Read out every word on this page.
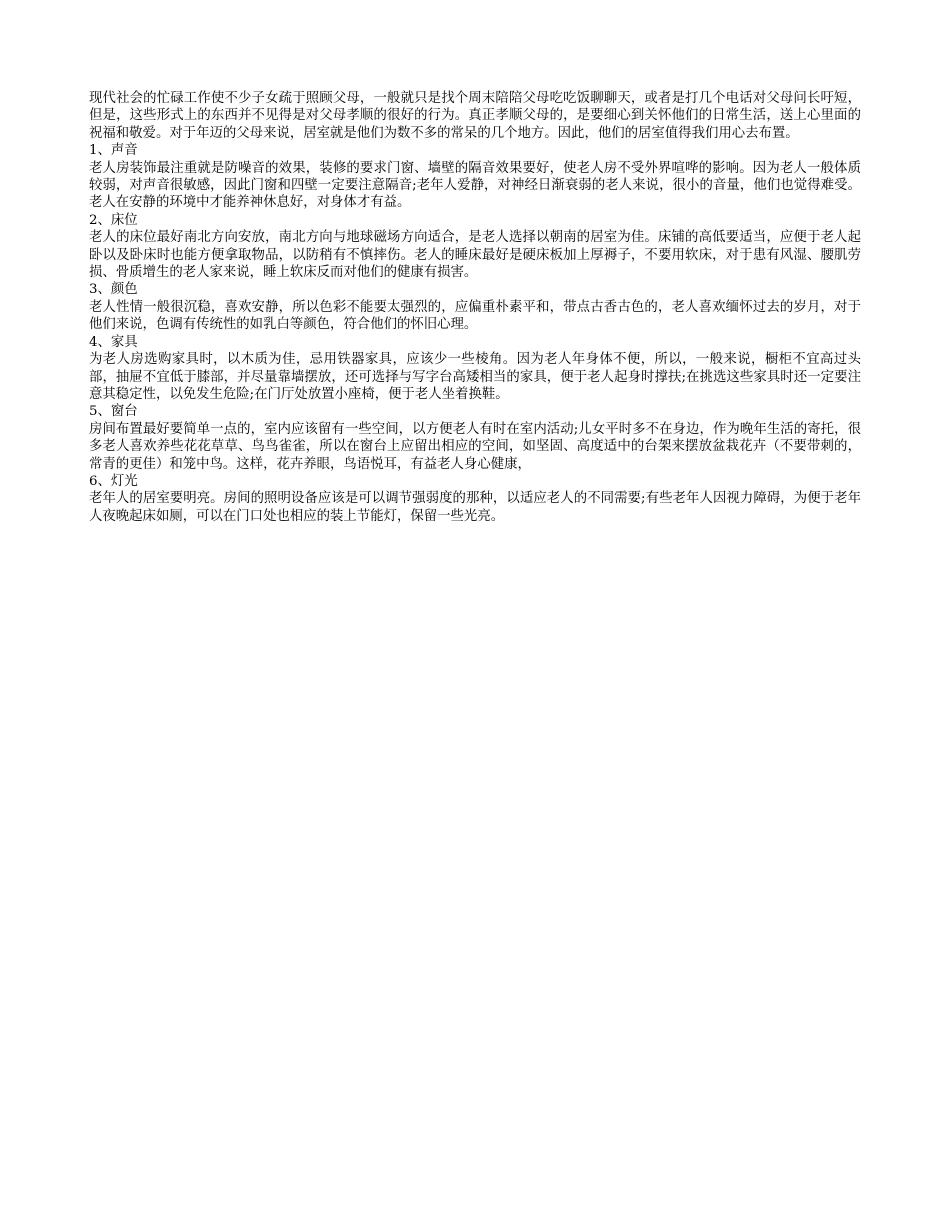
现代社会的忙碌工作使不少子女疏于照顾父母，一般就只是找个周末陪陪父母吃吃饭聊聊天，或者是打几个电话对父母问长吁短，但是，这些形式上的东西并不见得是对父母孝顺的很好的行为。真正孝顺父母的，是要细心到关怀他们的日常生活，送上心里面的祝福和敬爱。对于年迈的父母来说，居室就是他们为数不多的常呆的几个地方。因此，他们的居室值得我们用心去布置。

1、声音

老人房装饰最注重就是防噪音的效果，装修的要求门窗、墙壁的隔音效果要好，使老人房不受外界喧哗的影响。因为老人一般体质较弱，对声音很敏感，因此门窗和四壁一定要注意隔音;老年人爱静，对神经日渐衰弱的老人来说，很小的音量，他们也觉得难受。老人在安静的环境中才能养神休息好，对身体才有益。

2、床位

老人的床位最好南北方向安放，南北方向与地球磁场方向适合，是老人选择以朝南的居室为佳。床铺的高低要适当，应便于老人起卧以及卧床时也能方便拿取物品，以防稍有不慎摔伤。老人的睡床最好是硬床板加上厚褥子，不要用软床，对于患有风湿、腰肌劳损、骨质增生的老人家来说，睡上软床反而对他们的健康有损害。

3、颜色

老人性情一般很沉稳，喜欢安静，所以色彩不能要太强烈的，应偏重朴素平和，带点古香古色的，老人喜欢缅怀过去的岁月，对于他们来说，色调有传统性的如乳白等颜色，符合他们的怀旧心理。

4、家具

为老人房选购家具时，以木质为佳，忌用铁器家具，应该少一些棱角。因为老人年身体不便，所以，一般来说，橱柜不宜高过头部，抽屉不宜低于膝部，并尽量靠墙摆放，还可选择与写字台高矮相当的家具，便于老人起身时撑扶;在挑选这些家具时还一定要注意其稳定性，以免发生危险;在门厅处放置小座椅，便于老人坐着换鞋。

5、窗台

房间布置最好要简单一点的，室内应该留有一些空间，以方便老人有时在室内活动;儿女平时多不在身边，作为晚年生活的寄托，很多老人喜欢养些花花草草、鸟鸟雀雀，所以在窗台上应留出相应的空间，如坚固、高度适中的台架来摆放盆栽花卉（不要带刺的，常青的更佳）和笼中鸟。这样，花卉养眼，鸟语悦耳，有益老人身心健康，

6、灯光

老年人的居室要明亮。房间的照明设备应该是可以调节强弱度的那种，以适应老人的不同需要;有些老年人因视力障碍，为便于老年人夜晚起床如厕，可以在门口处也相应的装上节能灯，保留一些光亮。
